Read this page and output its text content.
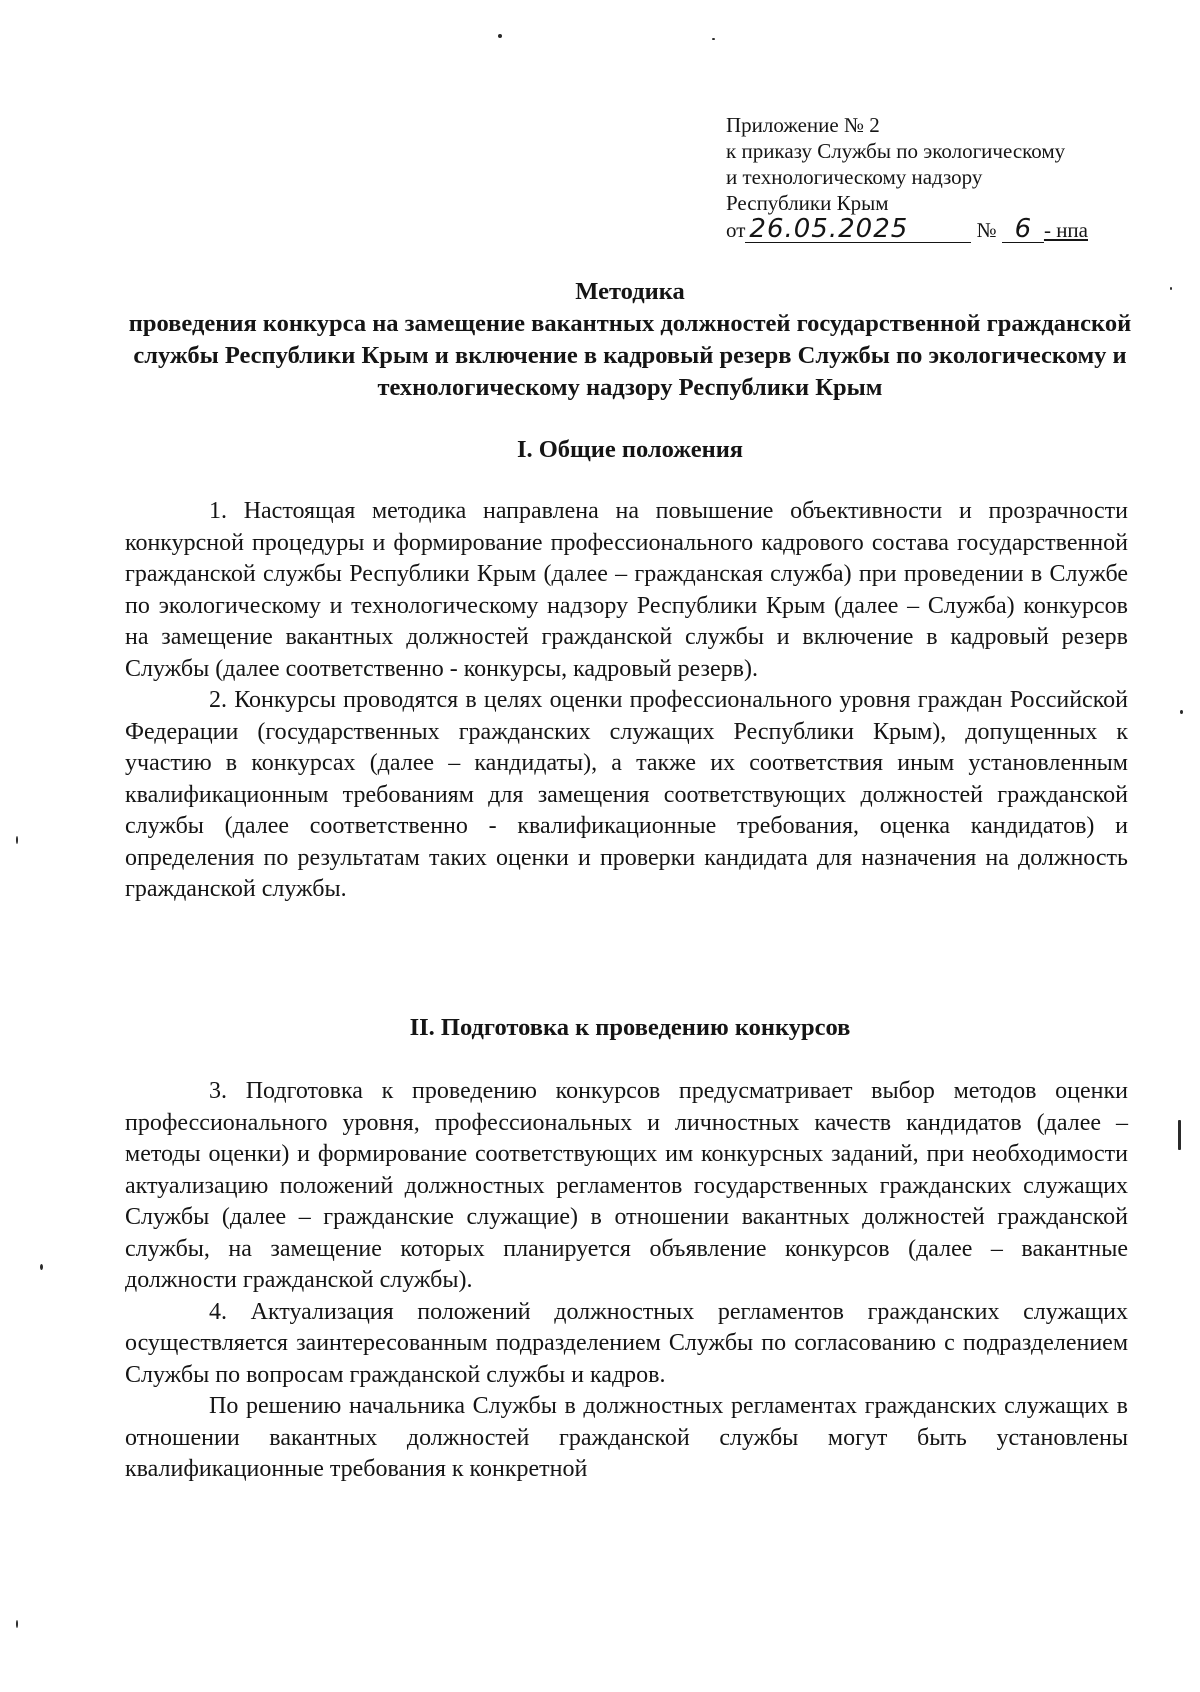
Приложение № 2
к приказу Службы по экологическому
и технологическому надзору
Республики Крым
от 26.05.2025	№ 6 - нпа
Методика
проведения конкурса на замещение вакантных должностей государственной гражданской службы Республики Крым и включение в кадровый резерв Службы по экологическому и технологическому надзору Республики Крым
I. Общие положения

1. Настоящая методика направлена на повышение объективности и прозрачности конкурсной процедуры и формирование профессионального кадрового состава государственной гражданской службы Республики Крым (далее – гражданская служба) при проведении в Службе по экологическому и технологическому надзору Республики Крым (далее – Служба) конкурсов на замещение вакантных должностей гражданской службы и включение в кадровый резерв Службы (далее соответственно - конкурсы, кадровый резерв).

2. Конкурсы проводятся в целях оценки профессионального уровня граждан Российской Федерации (государственных гражданских служащих Республики Крым), допущенных к участию в конкурсах (далее – кандидаты), а также их соответствия иным установленным квалификационным требованиям для замещения соответствующих должностей гражданской службы (далее соответственно - квалификационные требования, оценка кандидатов) и определения по результатам таких оценки и проверки кандидата для назначения на должность гражданской службы.

II. Подготовка к проведению конкурсов

3. Подготовка к проведению конкурсов предусматривает выбор методов оценки профессионального уровня, профессиональных и личностных качеств кандидатов (далее – методы оценки) и формирование соответствующих им конкурсных заданий, при необходимости актуализацию положений должностных регламентов государственных гражданских служащих Службы (далее – гражданские служащие) в отношении вакантных должностей гражданской службы, на замещение которых планируется объявление конкурсов (далее – вакантные должности гражданской службы).

4. Актуализация положений должностных регламентов гражданских служащих осуществляется заинтересованным подразделением Службы по согласованию с подразделением Службы по вопросам гражданской службы и кадров.

По решению начальника Службы в должностных регламентах гражданских служащих в отношении вакантных должностей гражданской службы могут быть установлены квалификационные требования к конкретной
